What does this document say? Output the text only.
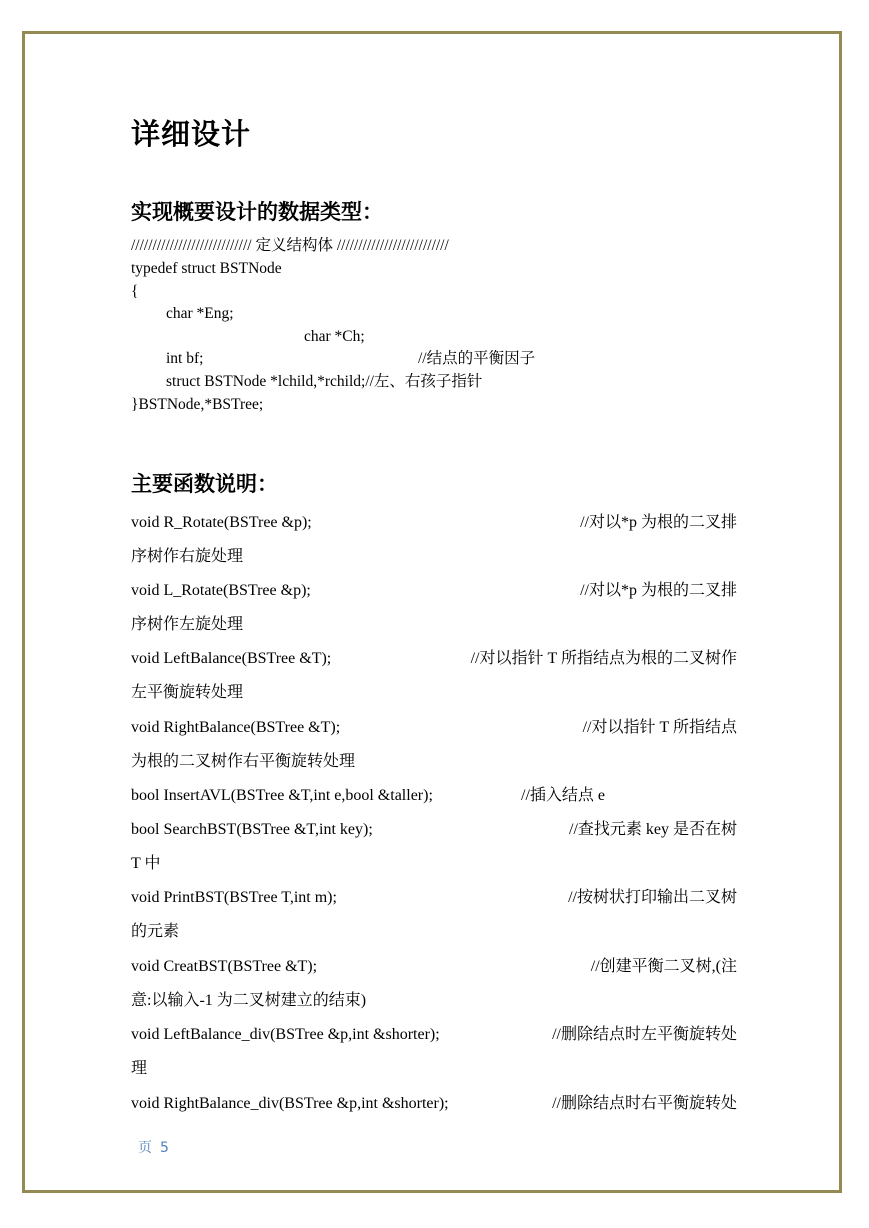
详细设计
实现概要设计的数据类型：
//////////////////////////// 定义结构体 //////////////////////////
typedef struct BSTNode
{
char *Eng;
char *Ch;
int bf;	//结点的平衡因子
struct BSTNode *lchild,*rchild;//左、右孩子指针
}BSTNode,*BSTree;
主要函数说明：
void R_Rotate(BSTree &p);	//对以*p 为根的二叉排
序树作右旋处理
void L_Rotate(BSTree &p);	//对以*p 为根的二叉排
序树作左旋处理
void LeftBalance(BSTree &T);	//对以指针 T 所指结点为根的二叉树作
左平衡旋转处理
void RightBalance(BSTree &T);	//对以指针 T 所指结点
为根的二叉树作右平衡旋转处理
bool InsertAVL(BSTree &T,int e,bool &taller);	//插入结点 e
bool SearchBST(BSTree &T,int key);	//查找元素 key 是否在树
T 中
void PrintBST(BSTree T,int m);	//按树状打印输出二叉树
的元素
void CreatBST(BSTree &T);	//创建平衡二叉树,(注
意:以输入-1 为二叉树建立的结束)
void LeftBalance_div(BSTree &p,int &shorter);	//删除结点时左平衡旋转处
理
void RightBalance_div(BSTree &p,int &shorter);	//删除结点时右平衡旋转处
页 5
